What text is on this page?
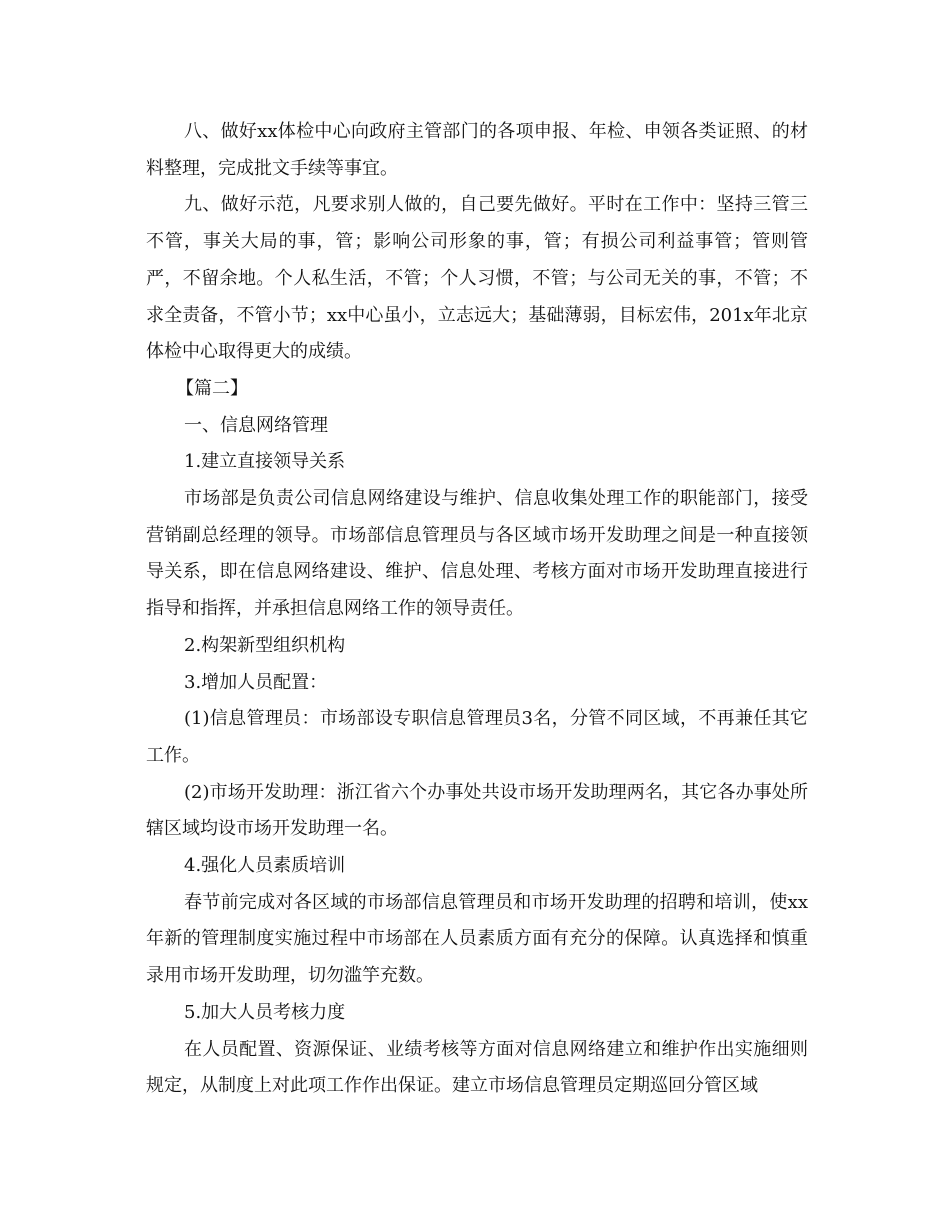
八、做好xx体检中心向政府主管部门的各项申报、年检、申领各类证照、的材料整理，完成批文手续等事宜。

九、做好示范，凡要求别人做的，自己要先做好。平时在工作中：坚持三管三不管，事关大局的事，管；影响公司形象的事，管；有损公司利益事管；管则管严，不留余地。个人私生活，不管；个人习惯，不管；与公司无关的事，不管；不求全责备，不管小节；xx中心虽小，立志远大；基础薄弱，目标宏伟，201x年北京体检中心取得更大的成绩。

【篇二】

一、信息网络管理

1.建立直接领导关系

市场部是负责公司信息网络建设与维护、信息收集处理工作的职能部门，接受营销副总经理的领导。市场部信息管理员与各区域市场开发助理之间是一种直接领导关系，即在信息网络建设、维护、信息处理、考核方面对市场开发助理直接进行指导和指挥，并承担信息网络工作的领导责任。

2.构架新型组织机构

3.增加人员配置：

(1)信息管理员：市场部设专职信息管理员3名，分管不同区域，不再兼任其它工作。

(2)市场开发助理：浙江省六个办事处共设市场开发助理两名，其它各办事处所辖区域均设市场开发助理一名。

4.强化人员素质培训

春节前完成对各区域的市场部信息管理员和市场开发助理的招聘和培训，使xx年新的管理制度实施过程中市场部在人员素质方面有充分的保障。认真选择和慎重录用市场开发助理，切勿滥竽充数。

5.加大人员考核力度

在人员配置、资源保证、业绩考核等方面对信息网络建立和维护作出实施细则规定，从制度上对此项工作作出保证。建立市场信息管理员定期巡回分管区域
